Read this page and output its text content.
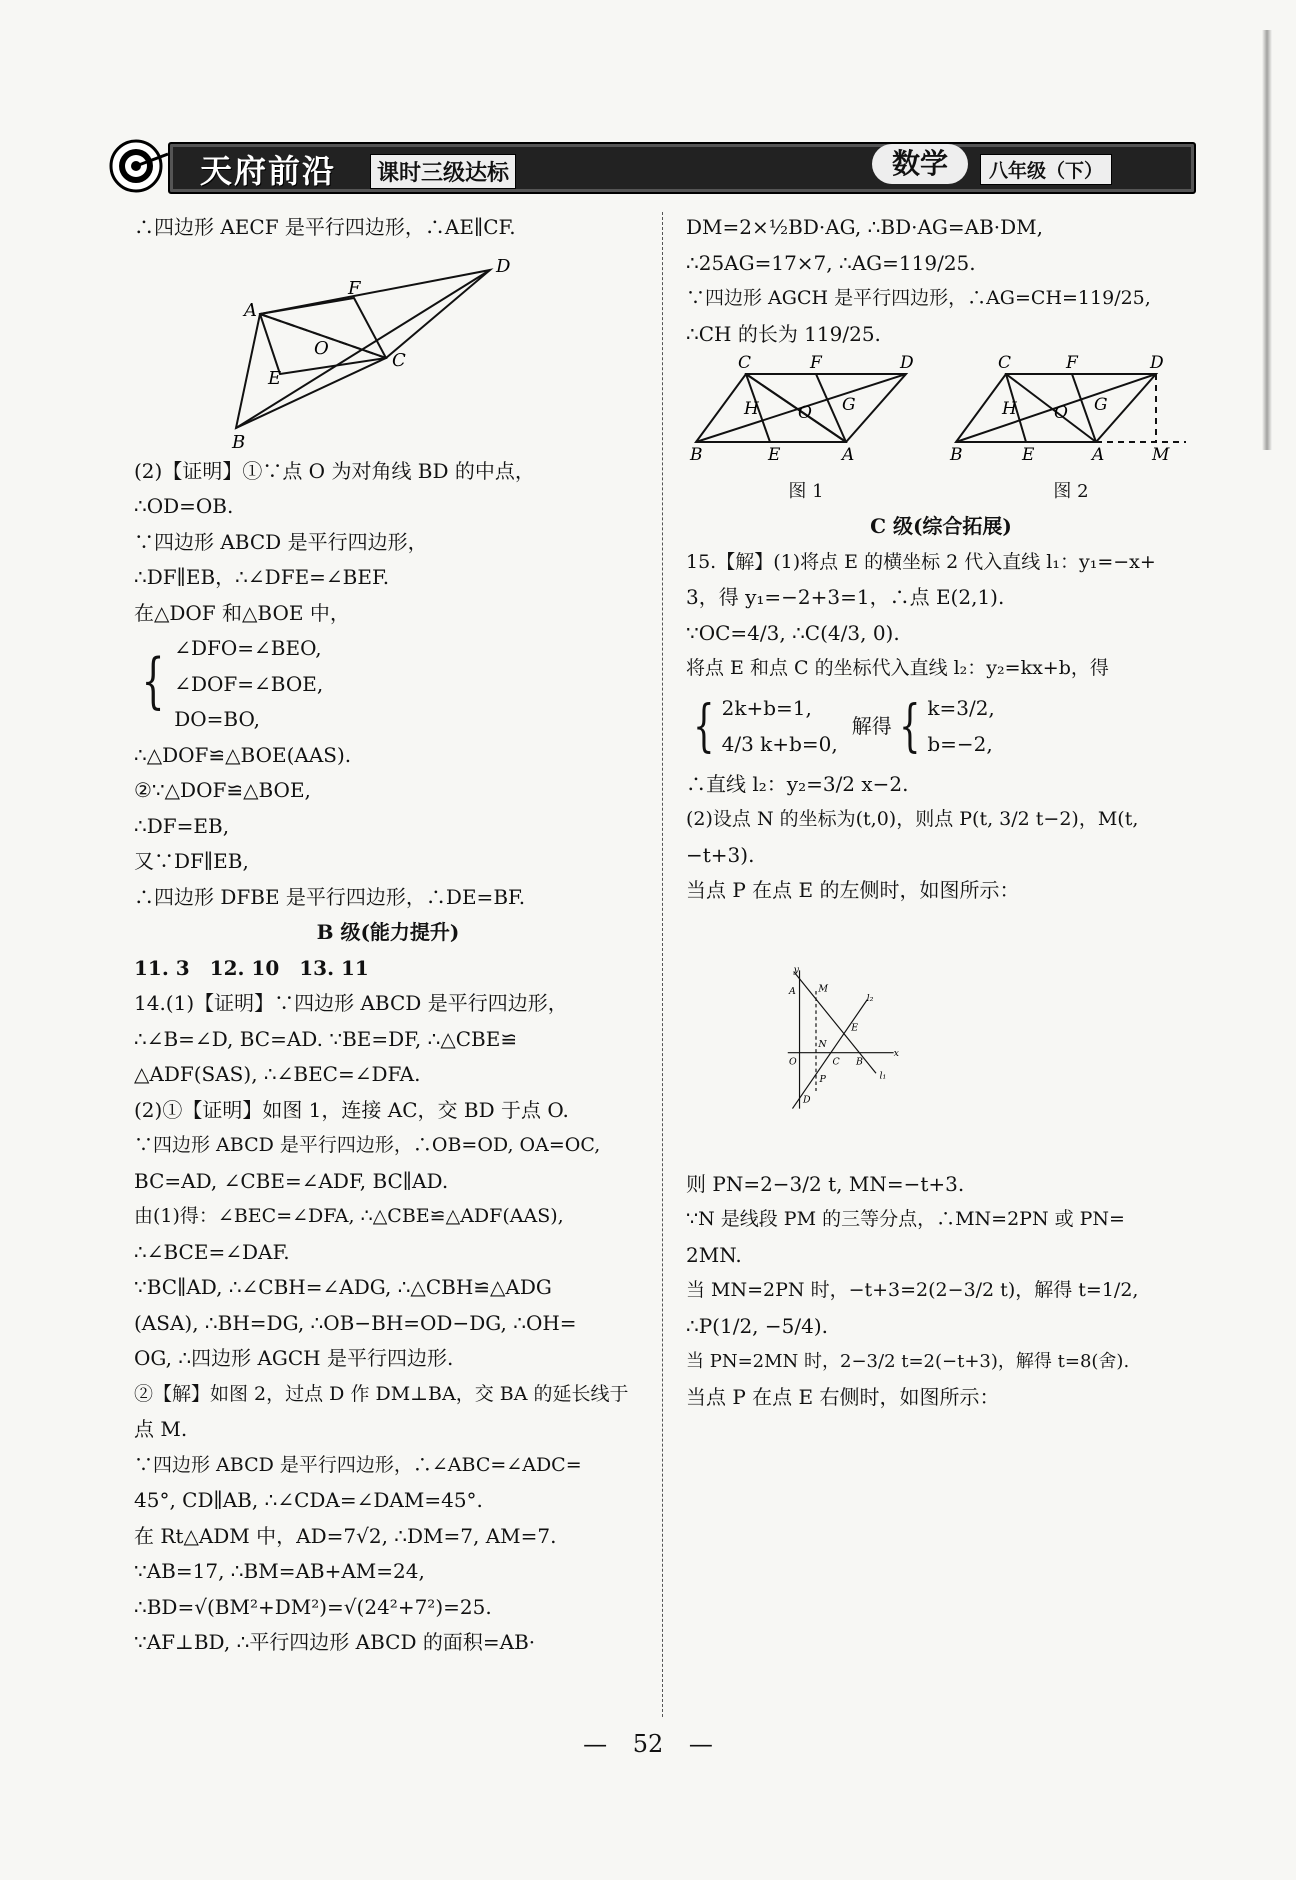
天府前沿	课时三级达标	数学	八年级（下）
∴四边形 AECF 是平行四边形，∴AE∥CF.
A
B
C
D
E
F
O
(2)【证明】①∵点 O 为对角线 BD 的中点，
∴OD=OB.
∵四边形 ABCD 是平行四边形，
∴DF∥EB，∴∠DFE=∠BEF.
在△DOF 和△BOE 中，
{ ∠DFO=∠BEO,
∠DOF=∠BOE,
DO=BO,
∴△DOF≌△BOE(AAS).
②∵△DOF≌△BOE,
∴DF=EB,
又∵DF∥EB,
∴四边形 DFBE 是平行四边形，∴DE=BF.
B 级(能力提升)
11. 3　12. 10　13. 11
14.(1)【证明】∵四边形 ABCD 是平行四边形，
∴∠B=∠D, BC=AD. ∵BE=DF, ∴△CBE≌
△ADF(SAS), ∴∠BEC=∠DFA.
(2)①【证明】如图 1，连接 AC，交 BD 于点 O.
∵四边形 ABCD 是平行四边形，∴OB=OD, OA=OC,
BC=AD, ∠CBE=∠ADF, BC∥AD.
由(1)得：∠BEC=∠DFA, ∴△CBE≌△ADF(AAS),
∴∠BCE=∠DAF.
∵BC∥AD, ∴∠CBH=∠ADG, ∴△CBH≌△ADG
(ASA), ∴BH=DG, ∴OB−BH=OD−DG, ∴OH=
OG, ∴四边形 AGCH 是平行四边形.
②【解】如图 2，过点 D 作 DM⊥BA，交 BA 的延长线于
点 M.
∵四边形 ABCD 是平行四边形，∴∠ABC=∠ADC=
45°, CD∥AB, ∴∠CDA=∠DAM=45°.
在 Rt△ADM 中，AD=7√2, ∴DM=7, AM=7.
∵AB=17, ∴BM=AB+AM=24,
∴BD=√(BM²+DM²)=√(24²+7²)=25.
∵AF⊥BD, ∴平行四边形 ABCD 的面积=AB·
DM=2×½BD·AG, ∴BD·AG=AB·DM,
∴25AG=17×7, ∴AG=119/25.
∵四边形 AGCH 是平行四边形，∴AG=CH=119/25,
∴CH 的长为 119/25.
C	F	D
H O G
B	E	A
图 1
C	F	D
H O G
B	E	A	M
图 2
C 级(综合拓展)
15.【解】(1)将点 E 的横坐标 2 代入直线 l₁：y₁=−x+
3，得 y₁=−2+3=1，∴点 E(2,1).
∵OC=4/3, ∴C(4/3, 0).
将点 E 和点 C 的坐标代入直线 l₂：y₂=kx+b，得
{ 2k+b=1,
4/3 k+b=0,
解得 { k=3/2,
b=−2,
∴直线 l₂：y₂=3/2 x−2.
(2)设点 N 的坐标为(t,0)，则点 P(t, 3/2 t−2)，M(t,
−t+3).
当点 P 在点 E 的左侧时，如图所示：
y
A M
l₂
E
N
O C B
x
P	l₁
D
则 PN=2−3/2 t, MN=−t+3.
∵N 是线段 PM 的三等分点，∴MN=2PN 或 PN=
2MN.
当 MN=2PN 时，−t+3=2(2−3/2 t)，解得 t=1/2,
∴P(1/2, −5/4).
当 PN=2MN 时，2−3/2 t=2(−t+3)，解得 t=8(舍).
当点 P 在点 E 右侧时，如图所示：
— 52 —
